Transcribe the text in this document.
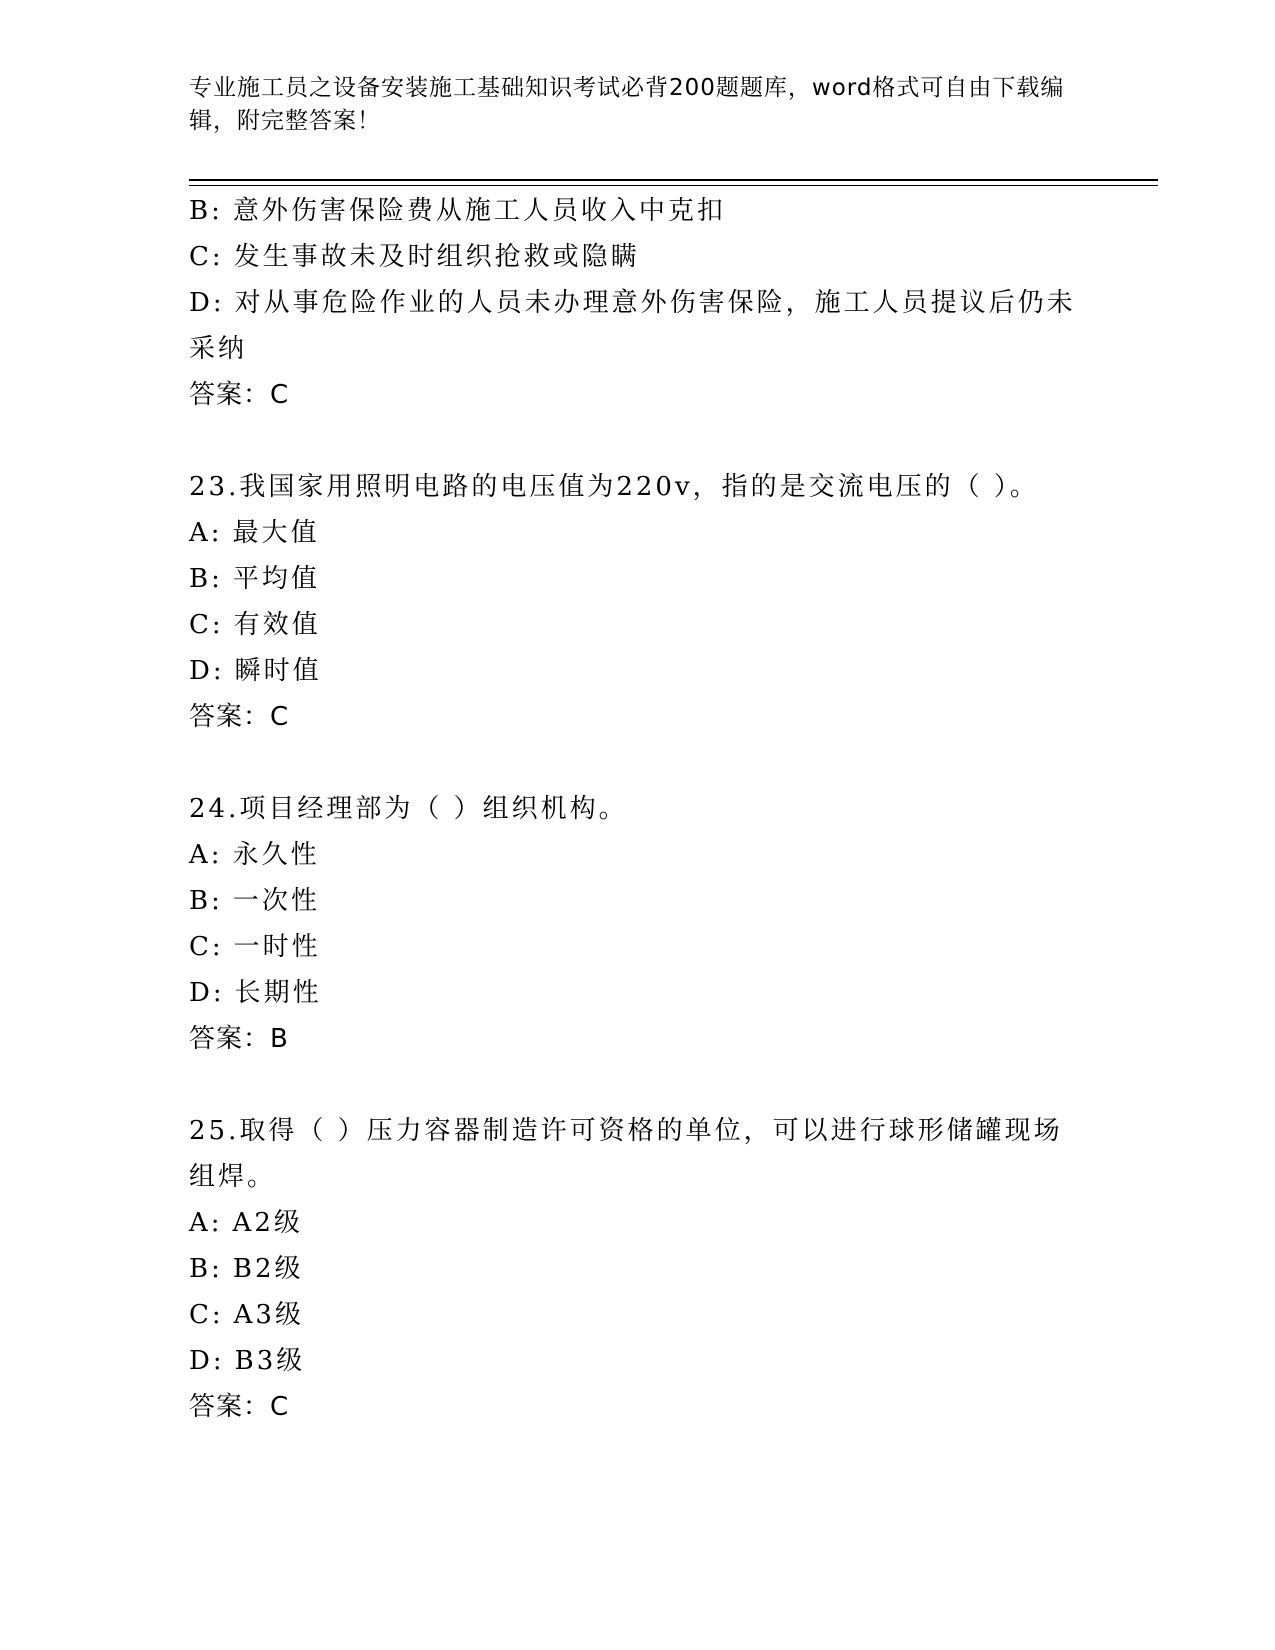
专业施工员之设备安装施工基础知识考试必背200题题库，word格式可自由下载编辑，附完整答案！
B: 意外伤害保险费从施工人员收入中克扣
C: 发生事故未及时组织抢救或隐瞒
D: 对从事危险作业的人员未办理意外伤害保险，施工人员提议后仍未采纳
答案：C
23.我国家用照明电路的电压值为220v，指的是交流电压的（ ）。
A: 最大值
B: 平均值
C: 有效值
D: 瞬时值
答案：C
24.项目经理部为（ ）组织机构。
A: 永久性
B: 一次性
C: 一时性
D: 长期性
答案：B
25.取得（ ）压力容器制造许可资格的单位，可以进行球形储罐现场组焊。
A: A2级
B: B2级
C: A3级
D: B3级
答案：C
